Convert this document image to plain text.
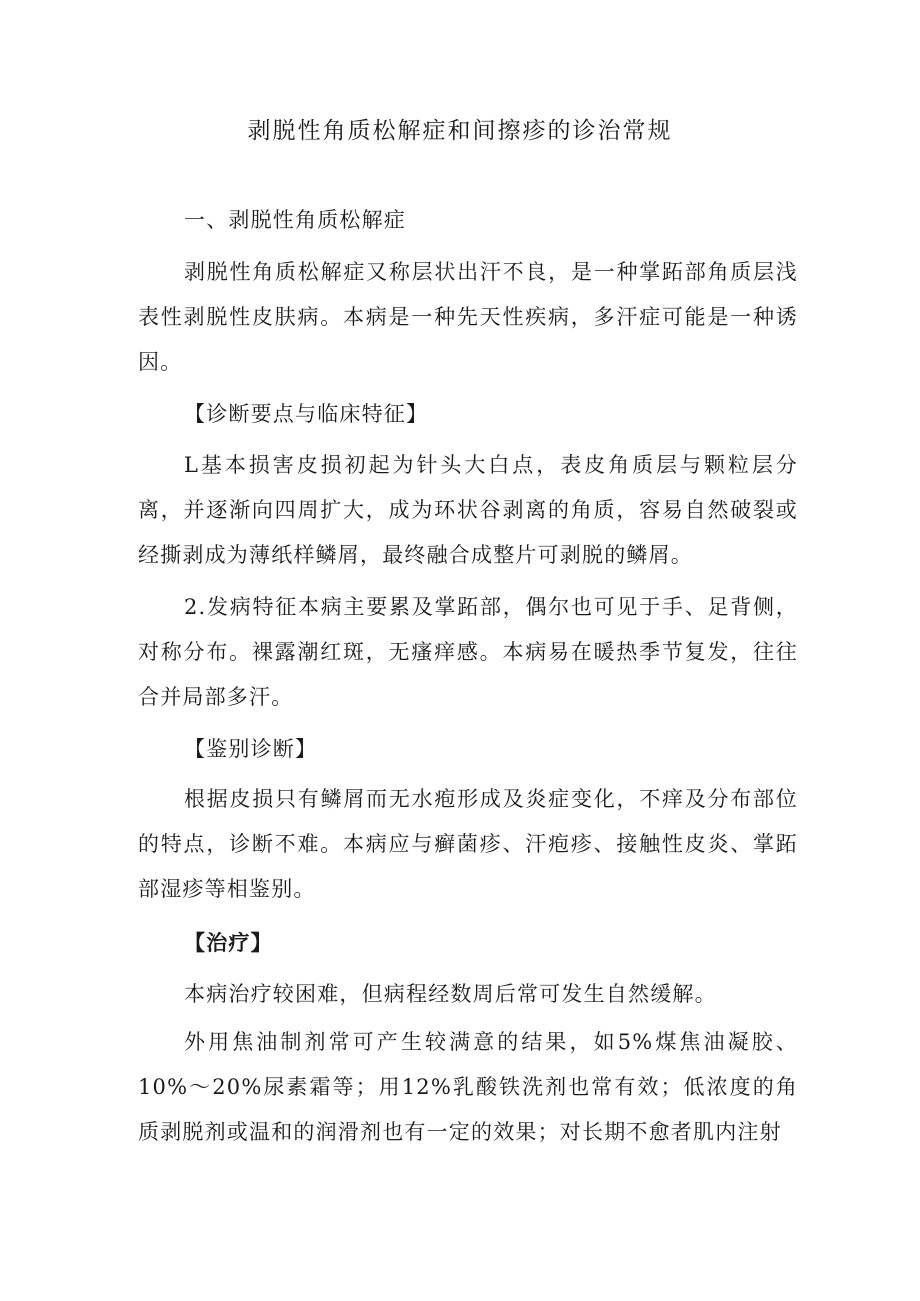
剥脱性角质松解症和间擦疹的诊治常规

一、剥脱性角质松解症

剥脱性角质松解症又称层状出汗不良，是一种掌跖部角质层浅表性剥脱性皮肤病。本病是一种先天性疾病，多汗症可能是一种诱因。

【诊断要点与临床特征】

L基本损害皮损初起为针头大白点，表皮角质层与颗粒层分离，并逐渐向四周扩大，成为环状谷剥离的角质，容易自然破裂或经撕剥成为薄纸样鳞屑，最终融合成整片可剥脱的鳞屑。

2.发病特征本病主要累及掌跖部，偶尔也可见于手、足背侧，对称分布。裸露潮红斑，无瘙痒感。本病易在暖热季节复发，往往合并局部多汗。

【鉴别诊断】

根据皮损只有鳞屑而无水疱形成及炎症变化，不痒及分布部位的特点，诊断不难。本病应与癣菌疹、汗疱疹、接触性皮炎、掌跖部湿疹等相鉴别。

【治疗】

本病治疗较困难，但病程经数周后常可发生自然缓解。

外用焦油制剂常可产生较满意的结果，如5%煤焦油凝胶、10%～20%尿素霜等；用12%乳酸铁洗剂也常有效；低浓度的角质剥脱剂或温和的润滑剂也有一定的效果；对长期不愈者肌内注射
